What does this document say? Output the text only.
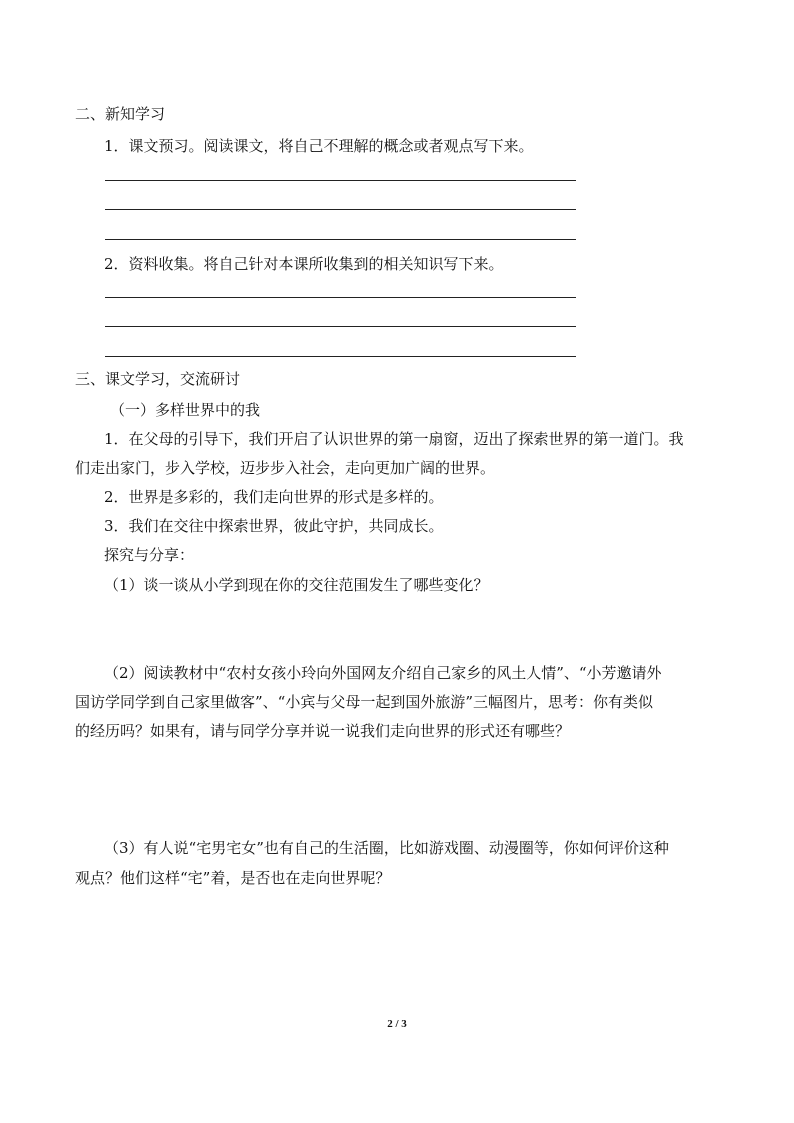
二、新知学习
1．课文预习。阅读课文，将自己不理解的概念或者观点写下来。
2．资料收集。将自己针对本课所收集到的相关知识写下来。
三、课文学习，交流研讨
（一）多样世界中的我
1．在父母的引导下，我们开启了认识世界的第一扇窗，迈出了探索世界的第一道门。我
们走出家门，步入学校，迈步步入社会，走向更加广阔的世界。
2．世界是多彩的，我们走向世界的形式是多样的。
3．我们在交往中探索世界，彼此守护，共同成长。
探究与分享：
（1）谈一谈从小学到现在你的交往范围发生了哪些变化？
（2）阅读教材中“农村女孩小玲向外国网友介绍自己家乡的风土人情”、“小芳邀请外
国访学同学到自己家里做客”、“小宾与父母一起到国外旅游”三幅图片，思考：你有类似
的经历吗？如果有，请与同学分享并说一说我们走向世界的形式还有哪些？
（3）有人说“宅男宅女”也有自己的生活圈，比如游戏圈、动漫圈等，你如何评价这种
观点？他们这样“宅”着，是否也在走向世界呢？
2 / 3
